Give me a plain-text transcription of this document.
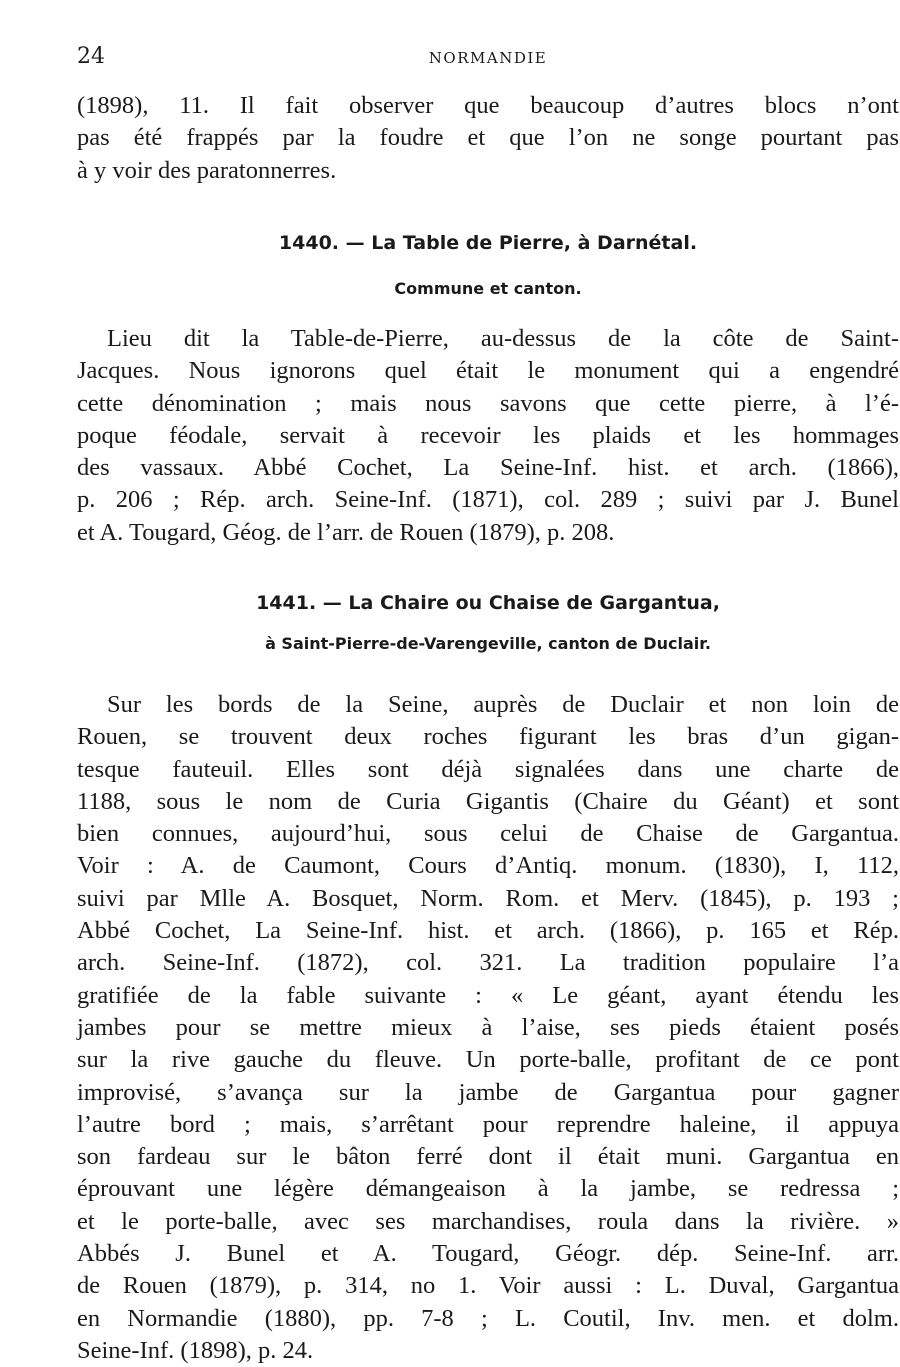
24	NORMANDIE

(1898), 11. Il fait observer que beaucoup d’autres blocs n’ont
pas été frappés par la foudre et que l’on ne songe pourtant pas
à y voir des paratonnerres.

1440. — La Table de Pierre, à Darnétal.
Commune et canton.

Lieu dit la Table-de-Pierre, au-dessus de la côte de Saint-
Jacques. Nous ignorons quel était le monument qui a engendré
cette dénomination ; mais nous savons que cette pierre, à l’é-
poque féodale, servait à recevoir les plaids et les hommages
des vassaux. Abbé Cochet, La Seine-Inf. hist. et arch. (1866),
p. 206 ; Rép. arch. Seine-Inf. (1871), col. 289 ; suivi par J. Bunel
et A. Tougard, Géog. de l’arr. de Rouen (1879), p. 208.

1441. — La Chaire ou Chaise de Gargantua,
à Saint-Pierre-de-Varengeville, canton de Duclair.

Sur les bords de la Seine, auprès de Duclair et non loin de
Rouen, se trouvent deux roches figurant les bras d’un gigan-
tesque fauteuil. Elles sont déjà signalées dans une charte de
1188, sous le nom de Curia Gigantis (Chaire du Géant) et sont
bien connues, aujourd’hui, sous celui de Chaise de Gargantua.
Voir : A. de Caumont, Cours d’Antiq. monum. (1830), I, 112,
suivi par Mlle A. Bosquet, Norm. Rom. et Merv. (1845), p. 193 ;
Abbé Cochet, La Seine-Inf. hist. et arch. (1866), p. 165 et Rép.
arch. Seine-Inf. (1872), col. 321. La tradition populaire l’a
gratifiée de la fable suivante : « Le géant, ayant étendu les
jambes pour se mettre mieux à l’aise, ses pieds étaient posés
sur la rive gauche du fleuve. Un porte-balle, profitant de ce pont
improvisé, s’avança sur la jambe de Gargantua pour gagner
l’autre bord ; mais, s’arrêtant pour reprendre haleine, il appuya
son fardeau sur le bâton ferré dont il était muni. Gargantua en
éprouvant une légère démangeaison à la jambe, se redressa ;
et le porte-balle, avec ses marchandises, roula dans la rivière. »
Abbés J. Bunel et A. Tougard, Géogr. dép. Seine-Inf. arr.
de Rouen (1879), p. 314, no 1. Voir aussi : L. Duval, Gargantua
en Normandie (1880), pp. 7-8 ; L. Coutil, Inv. men. et dolm.
Seine-Inf. (1898), p. 24.
